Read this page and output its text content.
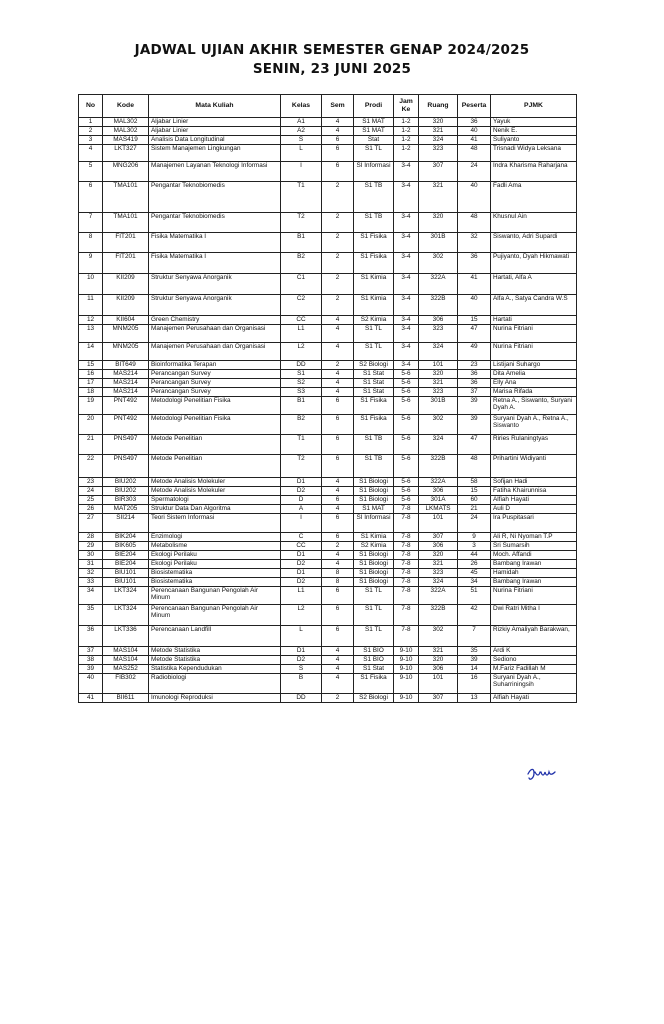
JADWAL UJIAN AKHIR SEMESTER GENAP 2024/2025
SENIN, 23 JUNI 2025
No	Kode	Mata Kuliah	Kelas	Sem	Prodi	Jam Ke	Ruang	Peserta	PJMK
1	MAL302	Aljabar Linier	A1	4	S1 MAT	1-2	320	36	Yayuk
2	MAL302	Aljabar Linier	A2	4	S1 MAT	1-2	321	40	Nenik E.
3	MAS419	Analisis Data Longitudinal	S	6	Stat	1-2	324	41	Suliyanto
4	LKT327	Sistem Manajemen Lingkungan	L	6	S1 TL	1-2	323	48	Trisnadi Widya Leksana
5	MNG206	Manajemen Layanan Teknologi Informasi	I	6	SI Informasi	3-4	307	24	Indra Kharisma Raharjana
6	TMA101	Pengantar Teknobiomedis	T1	2	S1 TB	3-4	321	40	Fadli Ama
7	TMA101	Pengantar Teknobiomedis	T2	2	S1 TB	3-4	320	48	Khusnul Ain
8	FIT201	Fisika Matematika I	B1	2	S1 Fisika	3-4	301B	32	Siswanto, Adri Supardi
9	FIT201	Fisika Matematika I	B2	2	S1 Fisika	3-4	302	36	Pujiyanto, Dyah Hikmawati
10	KII209	Struktur Senyawa Anorganik	C1	2	S1 Kimia	3-4	322A	41	Hartati, Alfa A
11	KII209	Struktur Senyawa Anorganik	C2	2	S1 Kimia	3-4	322B	40	Alfa A., Satya Candra W.S
12	KII604	Green Chemistry	CC	4	S2 Kimia	3-4	306	15	Hartati
13	MNM205	Manajemen Perusahaan dan Organisasi	L1	4	S1 TL	3-4	323	47	Nurina Fitriani
14	MNM205	Manajemen Perusahaan dan Organisasi	L2	4	S1 TL	3-4	324	49	Nurina Fitriani
15	BIT649	Bioinformatika Terapan	DD	2	S2 Biologi	3-4	101	23	Listijani Suhargo
16	MAS214	Perancangan Survey	S1	4	S1 Stat	5-6	320	36	Dita Amelia
17	MAS214	Perancangan Survey	S2	4	S1 Stat	5-6	321	36	Elly Ana
18	MAS214	Perancangan Survey	S3	4	S1 Stat	5-6	323	37	Marisa Rifada
19	PNT492	Metodologi Penelitian Fisika	B1	6	S1 Fisika	5-6	301B	39	Retna A., Siswanto, Suryani Dyah A.
20	PNT492	Metodologi Penelitian Fisika	B2	6	S1 Fisika	5-6	302	39	Suryani Dyah A., Retna A., Siswanto
21	PNS497	Metode Penelitian	T1	6	S1 TB	5-6	324	47	Riries Rulaningtyas
22	PNS497	Metode Penelitian	T2	6	S1 TB	5-6	322B	48	Prihartini Widiyanti
23	BIU202	Metode Analisis Molekuler	D1	4	S1 Biologi	5-6	322A	58	Sofijan Hadi
24	BIU202	Metode Analisis Molekuler	D2	4	S1 Biologi	5-6	306	15	Fatiha Khairunnisa
25	BIR303	Spermatologi	D	6	S1 Biologi	5-6	301A	60	Alfiah Hayati
26	MAT205	Struktur Data Dan Algoritma	A	4	S1 MAT	7-8	LKMATS	21	Auli D
27	SII214	Teori Sistem Informasi	I	6	SI Informasi	7-8	101	24	Ira Puspitasari
28	BIK204	Enzimologi	C	6	S1 Kimia	7-8	307	9	Ali R, Ni Nyoman T.P
29	BIK605	Metabolisme	CC	2	S2 Kimia	7-8	306	3	Sri Sumarsih
30	BIE204	Ekologi Perilaku	D1	4	S1 Biologi	7-8	320	44	Moch. Affandi
31	BIE204	Ekologi Perilaku	D2	4	S1 Biologi	7-8	321	26	Bambang Irawan
32	BIU101	Biosistematika	D1	8	S1 Biologi	7-8	323	45	Hamidah
33	BIU101	Biosistematika	D2	8	S1 Biologi	7-8	324	34	Bambang Irawan
34	LKT324	Perencanaan Bangunan Pengolah Air Minum	L1	6	S1 TL	7-8	322A	51	Nurina Fitriani
35	LKT324	Perencanaan Bangunan Pengolah Air Minum	L2	6	S1 TL	7-8	322B	42	Dwi Ratri Mitha I
36	LKT336	Perencanaan Landfill	L	6	S1 TL	7-8	302	7	Rizkiy Amaliyah Barakwan,
37	MAS104	Metode Statistika	D1	4	S1 BIO	9-10	321	35	Ardi K
38	MAS104	Metode Statistika	D2	4	S1 BIO	9-10	320	39	Sediono
39	MAS252	Statistika Kependudukan	S	4	S1 Stat	9-10	306	14	M.Fariz Fadillah M
40	FIB302	Radiobiologi	B	4	S1 Fisika	9-10	101	16	Suryani Dyah A., Suharriningsih
41	BII611	Imunologi Reproduksi	DD	2	S2 Biologi	9-10	307	13	Alfiah Hayati
